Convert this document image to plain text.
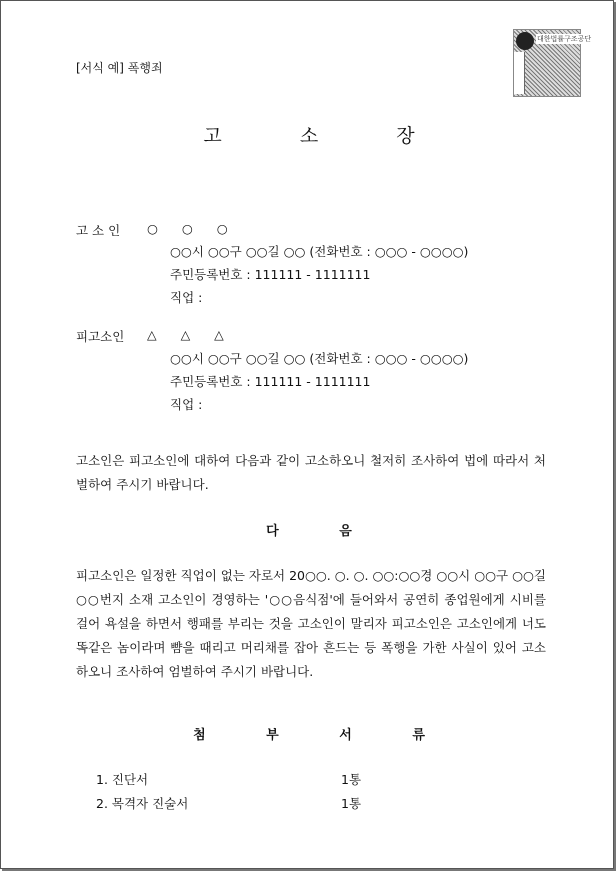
[서식 예] 폭행죄
대한법률구조공단
고 소 장
고 소 인 ○ ○ ○
○○시 ○○구 ○○길 ○○ (전화번호 : ○○○ - ○○○○)
주민등록번호 : 111111 - 1111111
직업 :
피고소인 △ △ △
○○시 ○○구 ○○길 ○○ (전화번호 : ○○○ - ○○○○)
주민등록번호 : 111111 - 1111111
직업 :
고소인은 피고소인에 대하여 다음과 같이 고소하오니 철저히 조사하여 법에 따라서 처벌하여 주시기 바랍니다.
다 음
피고소인은 일정한 직업이 없는 자로서 20○○. ○. ○. ○○:○○경 ○○시 ○○구 ○○길 ○○번지 소재 고소인이 경영하는 '○○음식점'에 들어와서 공연히 종업원에게 시비를 걸어 욕설을 하면서 행패를 부리는 것을 고소인이 말리자 피고소인은 고소인에게 너도 똑같은 놈이라며 뺨을 때리고 머리채를 잡아 흔드는 등 폭행을 가한 사실이 있어 고소하오니 조사하여 엄벌하여 주시기 바랍니다.
첨 부 서 류
1. 진단서	1통
2. 목격자 진술서	1통
